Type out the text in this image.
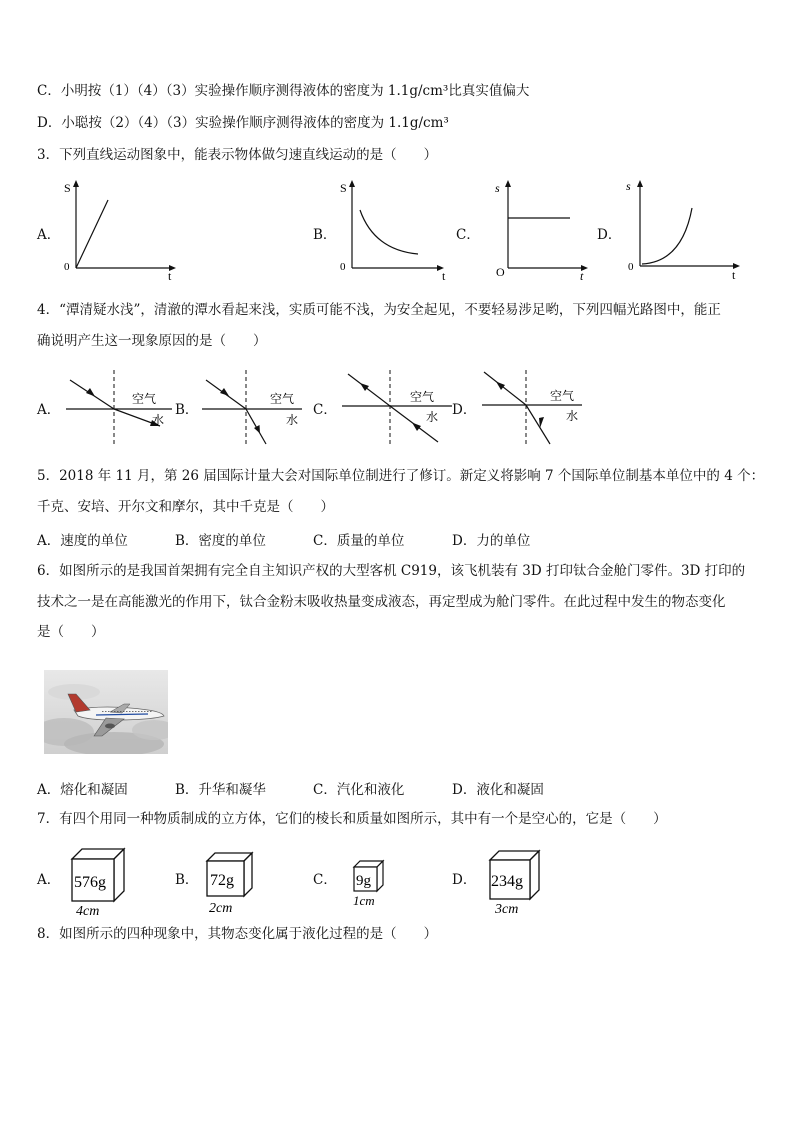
C．小明按（1）（4）（3）实验操作顺序测得液体的密度为 1.1g/cm³比真实值偏大
D．小聪按（2）（4）（3）实验操作顺序测得液体的密度为 1.1g/cm³
3．下列直线运动图象中，能表示物体做匀速直线运动的是（　　）
A．
S
t
0
B．
S
t
0
C．
s
t
O
D．
s
t
0
4．“潭清疑水浅”，清澈的潭水看起来浅，实质可能不浅，为安全起见，不要轻易涉足哟，下列四幅光路图中，能正
确说明产生这一现象原因的是（　　）
A．
空气
水
B．
空气
水
C．
空气
水 D．
空气
水
5．2018 年 11 月，第 26 届国际计量大会对国际单位制进行了修订。新定义将影响 7 个国际单位制基本单位中的 4 个：
千克、安培、开尔文和摩尔，其中千克是（　　）
A．速度的单位	B．密度的单位	C．质量的单位	D．力的单位
6．如图所示的是我国首架拥有完全自主知识产权的大型客机 C919，该飞机装有 3D 打印钛合金舱门零件。3D 打印的
技术之一是在高能激光的作用下，钛合金粉末吸收热量变成液态，再定型成为舱门零件。在此过程中发生的物态变化
是（　　）
A．熔化和凝固	B．升华和凝华	C．汽化和液化	D．液化和凝固
7．有四个用同一种物质制成的立方体，它们的棱长和质量如图所示，其中有一个是空心的，它是（　　）
A． 576g
4cm
B． 72g
2cm
C． 9g
1cm
D． 234g
3cm
8．如图所示的四种现象中，其物态变化属于液化过程的是（　　）
